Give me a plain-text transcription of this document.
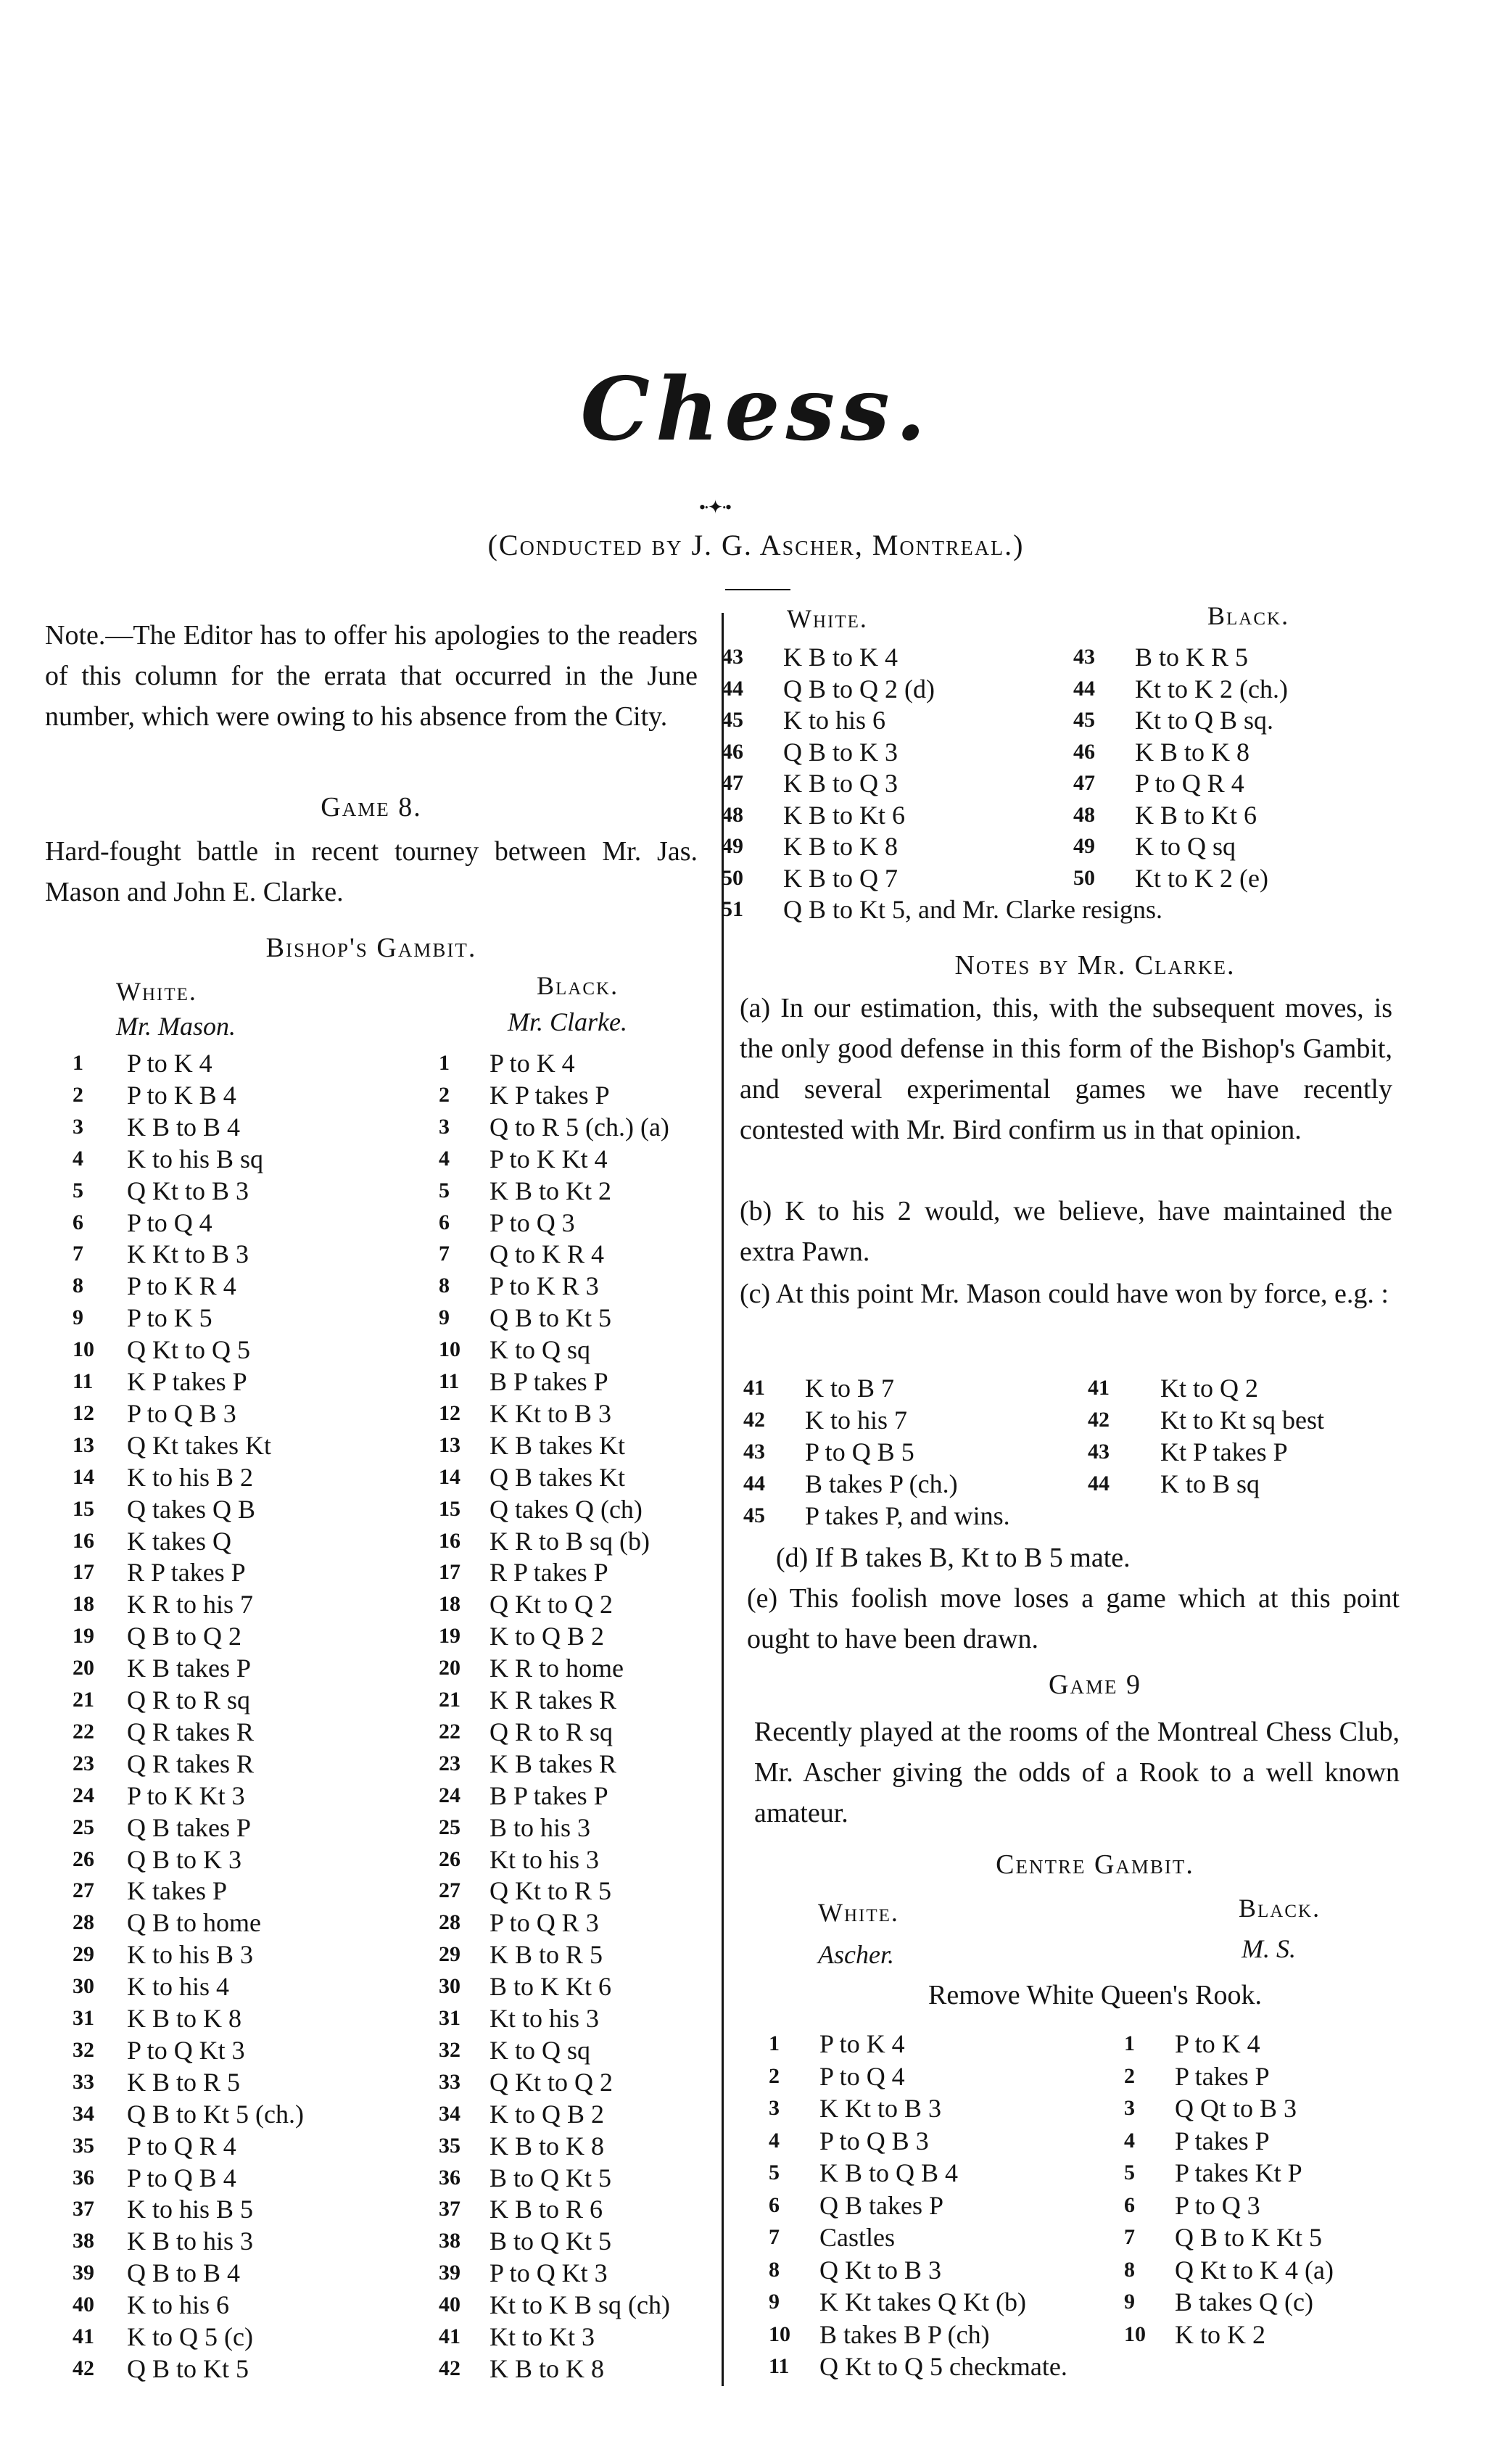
Chess.
•·✦·•
(Conducted by J. G. Ascher, Montreal.)
Note.—The Editor has to offer his apologies to the readers of this column for the errata that occurred in the June number, which were owing to his absence from the City.
Game 8.
Hard-fought battle in recent tourney between Mr. Jas. Mason and John E. Clarke.
Bishop's Gambit.
White.	Black.
Mr. Mason.	Mr. Clarke.
1 P to K 4	1 P to K 4
2 P to K B 4	2 K P takes P
3 K B to B 4	3 Q to R 5 (ch.) (a)
4 K to his B sq	4 P to K Kt 4
5 Q Kt to B 3	5 K B to Kt 2
6 P to Q 4	6 P to Q 3
7 K Kt to B 3	7 Q to K R 4
8 P to K R 4	8 P to K R 3
9 P to K 5	9 Q B to Kt 5
10 Q Kt to Q 5	10 K to Q sq
11 K P takes P	11 B P takes P
12 P to Q B 3	12 K Kt to B 3
13 Q Kt takes Kt	13 K B takes Kt
14 K to his B 2	14 Q B takes Kt
15 Q takes Q B	15 Q takes Q (ch)
16 K takes Q	16 K R to B sq (b)
17 R P takes P	17 R P takes P
18 K R to his 7	18 Q Kt to Q 2
19 Q B to Q 2	19 K to Q B 2
20 K B takes P	20 K R to home
21 Q R to R sq	21 K R takes R
22 Q R takes R	22 Q R to R sq
23 Q R takes R	23 K B takes R
24 P to K Kt 3	24 B P takes P
25 Q B takes P	25 B to his 3
26 Q B to K 3	26 Kt to his 3
27 K takes P	27 Q Kt to R 5
28 Q B to home	28 P to Q R 3
29 K to his B 3	29 K B to R 5
30 K to his 4	30 B to K Kt 6
31 K B to K 8	31 Kt to his 3
32 P to Q Kt 3	32 K to Q sq
33 K B to R 5	33 Q Kt to Q 2
34 Q B to Kt 5 (ch.)	34 K to Q B 2
35 P to Q R 4	35 K B to K 8
36 P to Q B 4	36 B to Q Kt 5
37 K to his B 5	37 K B to R 6
38 K B to his 3	38 B to Q Kt 5
39 Q B to B 4	39 P to Q Kt 3
40 K to his 6	40 Kt to K B sq (ch)
41 K to Q 5 (c)	41 Kt to Kt 3
42 Q B to Kt 5	42 K B to K 8
White.	Black.
43 K B to K 4	43 B to K R 5
44 Q B to Q 2 (d)	44 Kt to K 2 (ch.)
45 K to his 6	45 Kt to Q B sq.
46 Q B to K 3	46 K B to K 8
47 K B to Q 3	47 P to Q R 4
48 K B to Kt 6	48 K B to Kt 6
49 K B to K 8	49 K to Q sq
50 K B to Q 7	50 Kt to K 2 (e)
51 Q B to Kt 5, and Mr. Clarke resigns.
Notes by Mr. Clarke.
(a) In our estimation, this, with the subsequent moves, is the only good defense in this form of the Bishop's Gambit, and several experimental games we have recently contested with Mr. Bird confirm us in that opinion.
(b) K to his 2 would, we believe, have maintained the extra Pawn.
(c) At this point Mr. Mason could have won by force, e.g. :
41 K to B 7	41 Kt to Q 2
42 K to his 7	42 Kt to Kt sq best
43 P to Q B 5	43 Kt P takes P
44 B takes P (ch.)	44 K to B sq
45 P takes P, and wins.
(d) If B takes B, Kt to B 5 mate.
(e) This foolish move loses a game which at this point ought to have been drawn.
Game 9
Recently played at the rooms of the Montreal Chess Club, Mr. Ascher giving the odds of a Rook to a well known amateur.
Centre Gambit.
White.	Black.
Ascher.	M. S.
Remove White Queen's Rook.
1 P to K 4	1 P to K 4
2 P to Q 4	2 P takes P
3 K Kt to B 3	3 Q Qt to B 3
4 P to Q B 3	4 P takes P
5 K B to Q B 4	5 P takes Kt P
6 Q B takes P	6 P to Q 3
7 Castles	7 Q B to K Kt 5
8 Q Kt to B 3	8 Q Kt to K 4 (a)
9 K Kt takes Q Kt (b)	9 B takes Q (c)
10 B takes B P (ch)	10 K to K 2
11 Q Kt to Q 5 checkmate.
